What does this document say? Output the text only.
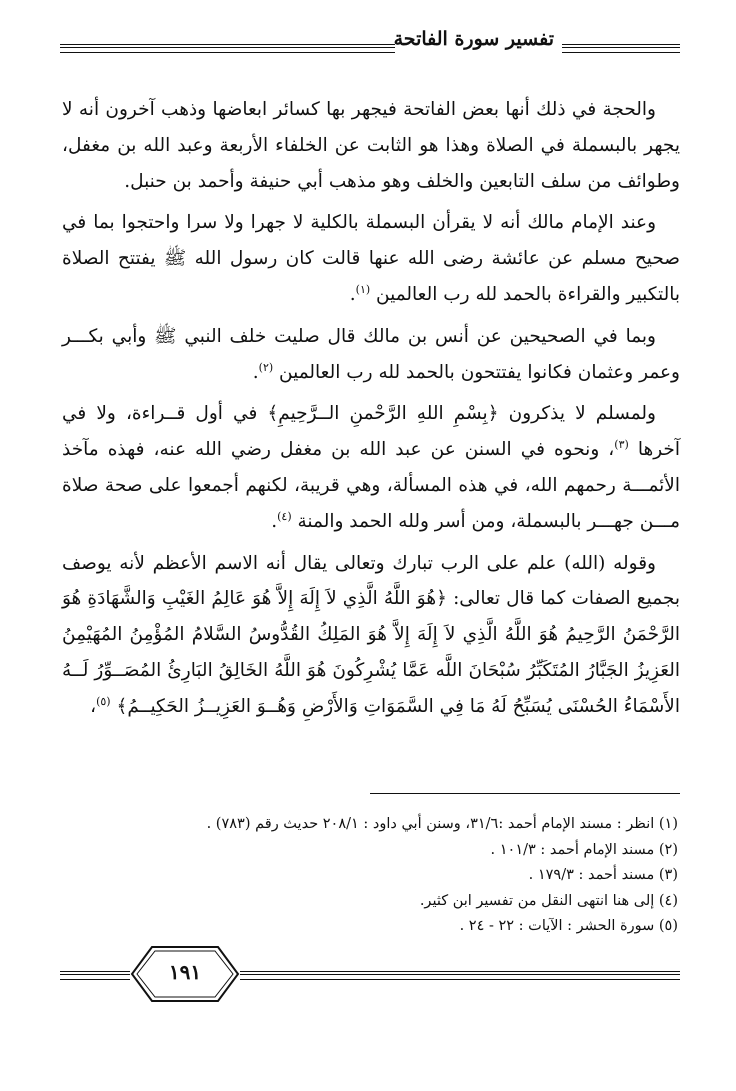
تفسير سورة الفاتحة

والحجة في ذلك أنها بعض الفاتحة فيجهر بها كسائر ابعاضها وذهب آخرون أنه لا يجهر بالبسملة في الصلاة وهذا هو الثابت عن الخلفاء الأربعة وعبد الله بن مغفل، وطوائف من سلف التابعين والخلف وهو مذهب أبي حنيفة وأحمد بن حنبل.

وعند الإمام مالك أنه لا يقرأن البسملة بالكلية لا جهرا ولا سرا واحتجوا بما في صحيح مسلم عن عائشة رضى الله عنها قالت كان رسول الله ﷺ يفتتح الصلاة بالتكبير والقراءة بالحمد لله رب العالمين $^{(١)}$.

وبما في الصحيحين عن أنس بن مالك قال صليت خلف النبي ﷺ وأبي بكـــر وعمر وعثمان فكانوا يفتتحون بالحمد لله رب العالمين $^{(٢)}$.

ولمسلم لا يذكرون ﴿بِسْمِ اللهِ الرَّحْمنِ الــرَّحِيمِ﴾ في أول قــراءة، ولا في آخرها $^{(٣)}$، ونحوه في السنن عن عبد الله بن مغفل رضي الله عنه، فهذه مآخذ الأئمـــة رحمهم الله، في هذه المسألة، وهي قريبة، لكنهم أجمعوا على صحة صلاة مـــن جهـــر بالبسملة، ومن أسر ولله الحمد والمنة $^{(٤)}$.

وقوله (الله) علم على الرب تبارك وتعالى يقال أنه الاسم الأعظم لأنه يوصف بجميع الصفات كما قال تعالى: ﴿هُوَ اللَّهُ الَّذِي لاَ إِلَهَ إِلاَّ هُوَ عَالِمُ الغَيْبِ وَالشَّهَادَةِ هُوَ الرَّحْمَنُ الرَّحِيمُ هُوَ اللَّهُ الَّذِي لاَ إِلَهَ إِلاَّ هُوَ المَلِكُ القُدُّوسُ السَّلامُ المُؤْمِنُ المُهَيْمِنُ العَزِيزُ الجَبَّارُ المُتَكَبِّرُ سُبْحَانَ اللَّه عَمَّا يُشْرِكُونَ هُوَ اللَّهُ الخَالِقُ البَارِئُ المُصَــوِّرُ لَــهُ الأَسْمَاءُ الحُسْنَى يُسَبِّحُ لَهُ مَا فِي السَّمَوَاتِ وَالأَرْضِ وَهُــوَ العَزِيــزُ الحَكِيــمُ﴾ $^{(٥)}$،

(١) انظر : مسند الإمام أحمد :٣١/٦، وسنن أبي داود : ٢٠٨/١ حديث رقم (٧٨٣) .
(٢) مسند الإمام أحمد : ١٠١/٣ .
(٣) مسند أحمد : ١٧٩/٣ .
(٤) إلى هنا انتهى النقل من تفسير ابن كثير.
(٥) سورة الحشر : الآيات : ٢٢ - ٢٤ .
١٩١
